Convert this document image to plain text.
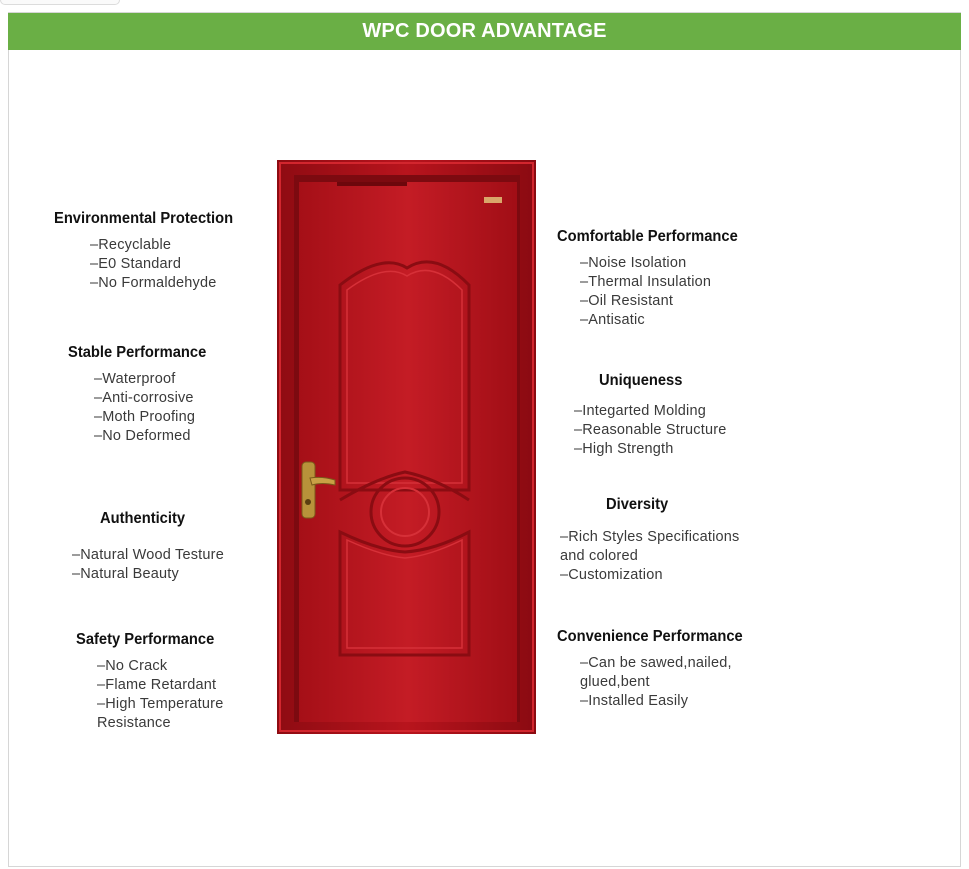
WPC DOOR ADVANTAGE
Environmental Protection
–Recyclable
–E0 Standard
–No Formaldehyde
Stable Performance
–Waterproof
–Anti-corrosive
–Moth Proofing
–No Deformed
Authenticity
–Natural Wood Testure
–Natural Beauty
Safety Performance
–No Crack
–Flame Retardant
–High Temperature
Resistance
Comfortable Performance
–Noise Isolation
–Thermal Insulation
–Oil Resistant
–Antisatic
Uniqueness
–Integarted Molding
–Reasonable Structure
–High Strength
Diversity
–Rich Styles Specifications
and colored
–Customization
Convenience Performance
–Can be sawed,nailed,
glued,bent
–Installed Easily
